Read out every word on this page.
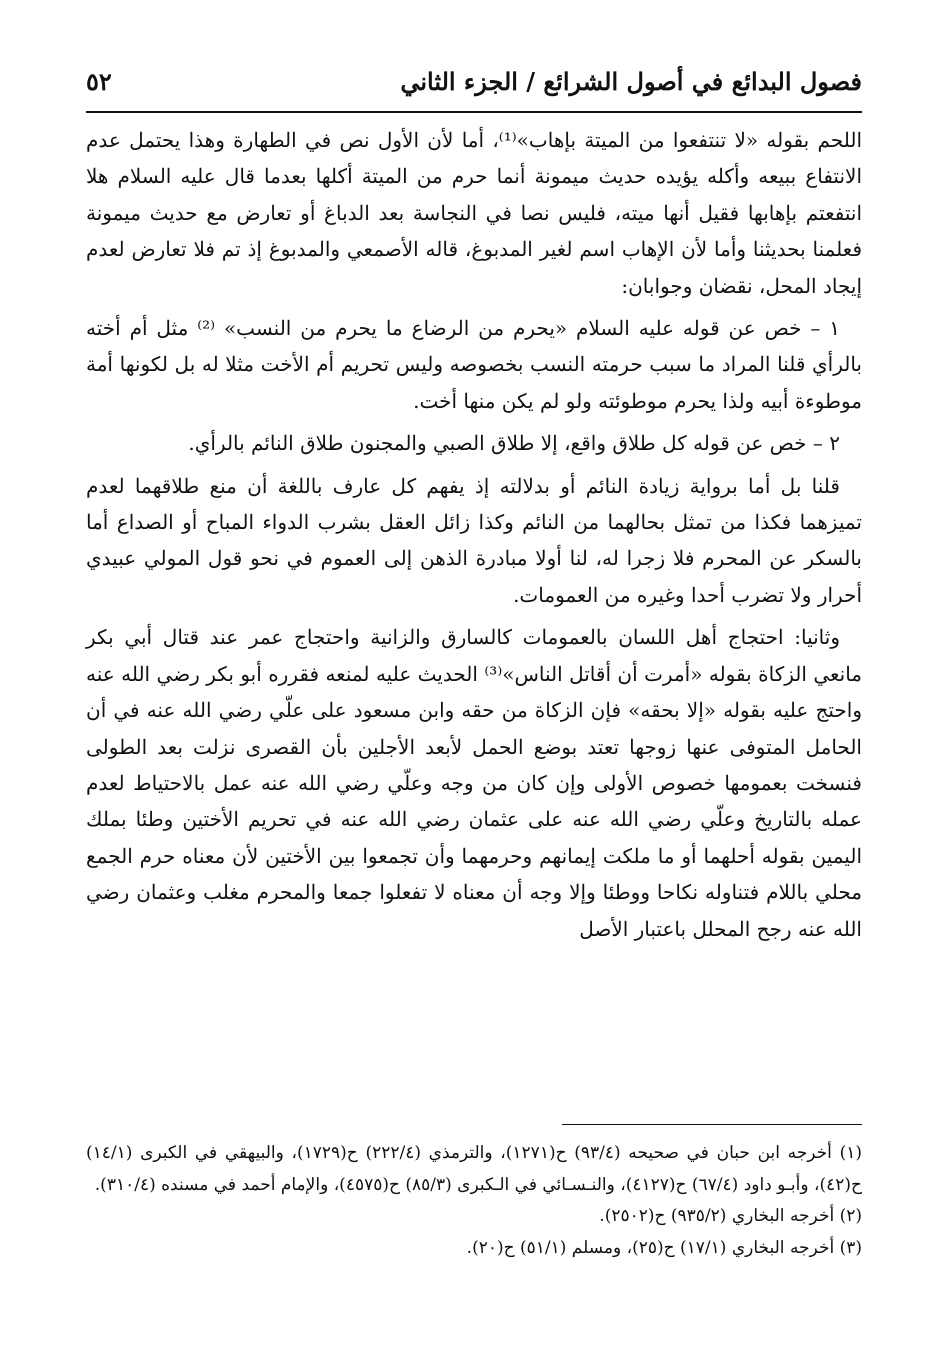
فصول البدائع في أصول الشرائع / الجزء الثاني
٥٢

اللحم بقوله «لا تنتفعوا من الميتة بإهاب»⁽¹⁾، أما لأن الأول نص في الطهارة وهذا يحتمل عدم الانتفاع ببيعه وأكله يؤيده حديث ميمونة أنما حرم من الميتة أكلها بعدما قال عليه السلام هلا انتفعتم بإهابها فقيل أنها ميته، فليس نصا في النجاسة بعد الدباغ أو تعارض مع حديث ميمونة فعلمنا بحديثنا وأما لأن الإهاب اسم لغير المدبوغ، قاله الأصمعي والمدبوغ إذ تم فلا تعارض لعدم إيجاد المحل، نقضان وجوابان:

١ – خص عن قوله عليه السلام «يحرم من الرضاع ما يحرم من النسب» ⁽²⁾ مثل أم أخته بالرأي قلنا المراد ما سبب حرمته النسب بخصوصه وليس تحريم أم الأخت مثلا له بل لكونها أمة موطوءة أبيه ولذا يحرم موطوئته ولو لم يكن منها أخت.

٢ – خص عن قوله كل طلاق واقع، إلا طلاق الصبي والمجنون طلاق النائم بالرأي.

قلنا بل أما برواية زيادة النائم أو بدلالته إذ يفهم كل عارف باللغة أن منع طلاقهما لعدم تميزهما فكذا من تمثل بحالهما من النائم وكذا زائل العقل بشرب الدواء المباح أو الصداع أما بالسكر عن المحرم فلا زجرا له، لنا أولا مبادرة الذهن إلى العموم في نحو قول المولي عبيدي أحرار ولا تضرب أحدا وغيره من العمومات.

وثانيا: احتجاج أهل اللسان بالعمومات كالسارق والزانية واحتجاج عمر عند قتال أبي بكر مانعي الزكاة بقوله «أمرت أن أقاتل الناس»⁽³⁾ الحديث عليه لمنعه فقرره أبو بكر رضي الله عنه واحتج عليه بقوله «إلا بحقه» فإن الزكاة من حقه وابن مسعود على علّي رضي الله عنه في أن الحامل المتوفى عنها زوجها تعتد بوضع الحمل لأبعد الأجلين بأن القصرى نزلت بعد الطولى فنسخت بعمومها خصوص الأولى وإن كان من وجه وعلّي رضي الله عنه عمل بالاحتياط لعدم عمله بالتاريخ وعلّي رضي الله عنه على عثمان رضي الله عنه في تحريم الأختين وطئا بملك اليمين بقوله أحلهما أو ما ملكت إيمانهم وحرمهما وأن تجمعوا بين الأختين لأن معناه حرم الجمع محلي باللام فتناوله نكاحا ووطئا وإلا وجه أن معناه لا تفعلوا جمعا والمحرم مغلب وعثمان رضي الله عنه رجح المحلل باعتبار الأصل

(١) أخرجه ابن حبان في صحيحه (٩٣/٤) ح(١٢٧١)، والترمذي (٢٢٢/٤) ح(١٧٢٩)، والبيهقي في الكبرى (١٤/١) ح(٤٢)، وأبـو داود (٦٧/٤) ح(٤١٢٧)، والنـسـائي في الـكبرى (٨٥/٣) ح(٤٥٧٥)، والإمام أحمد في مسنده (٣١٠/٤).

(٢) أخرجه البخاري (٩٣٥/٢) ح(٢٥٠٢).

(٣) أخرجه البخاري (١٧/١) ح(٢٥)، ومسلم (٥١/١) ح(٢٠).
